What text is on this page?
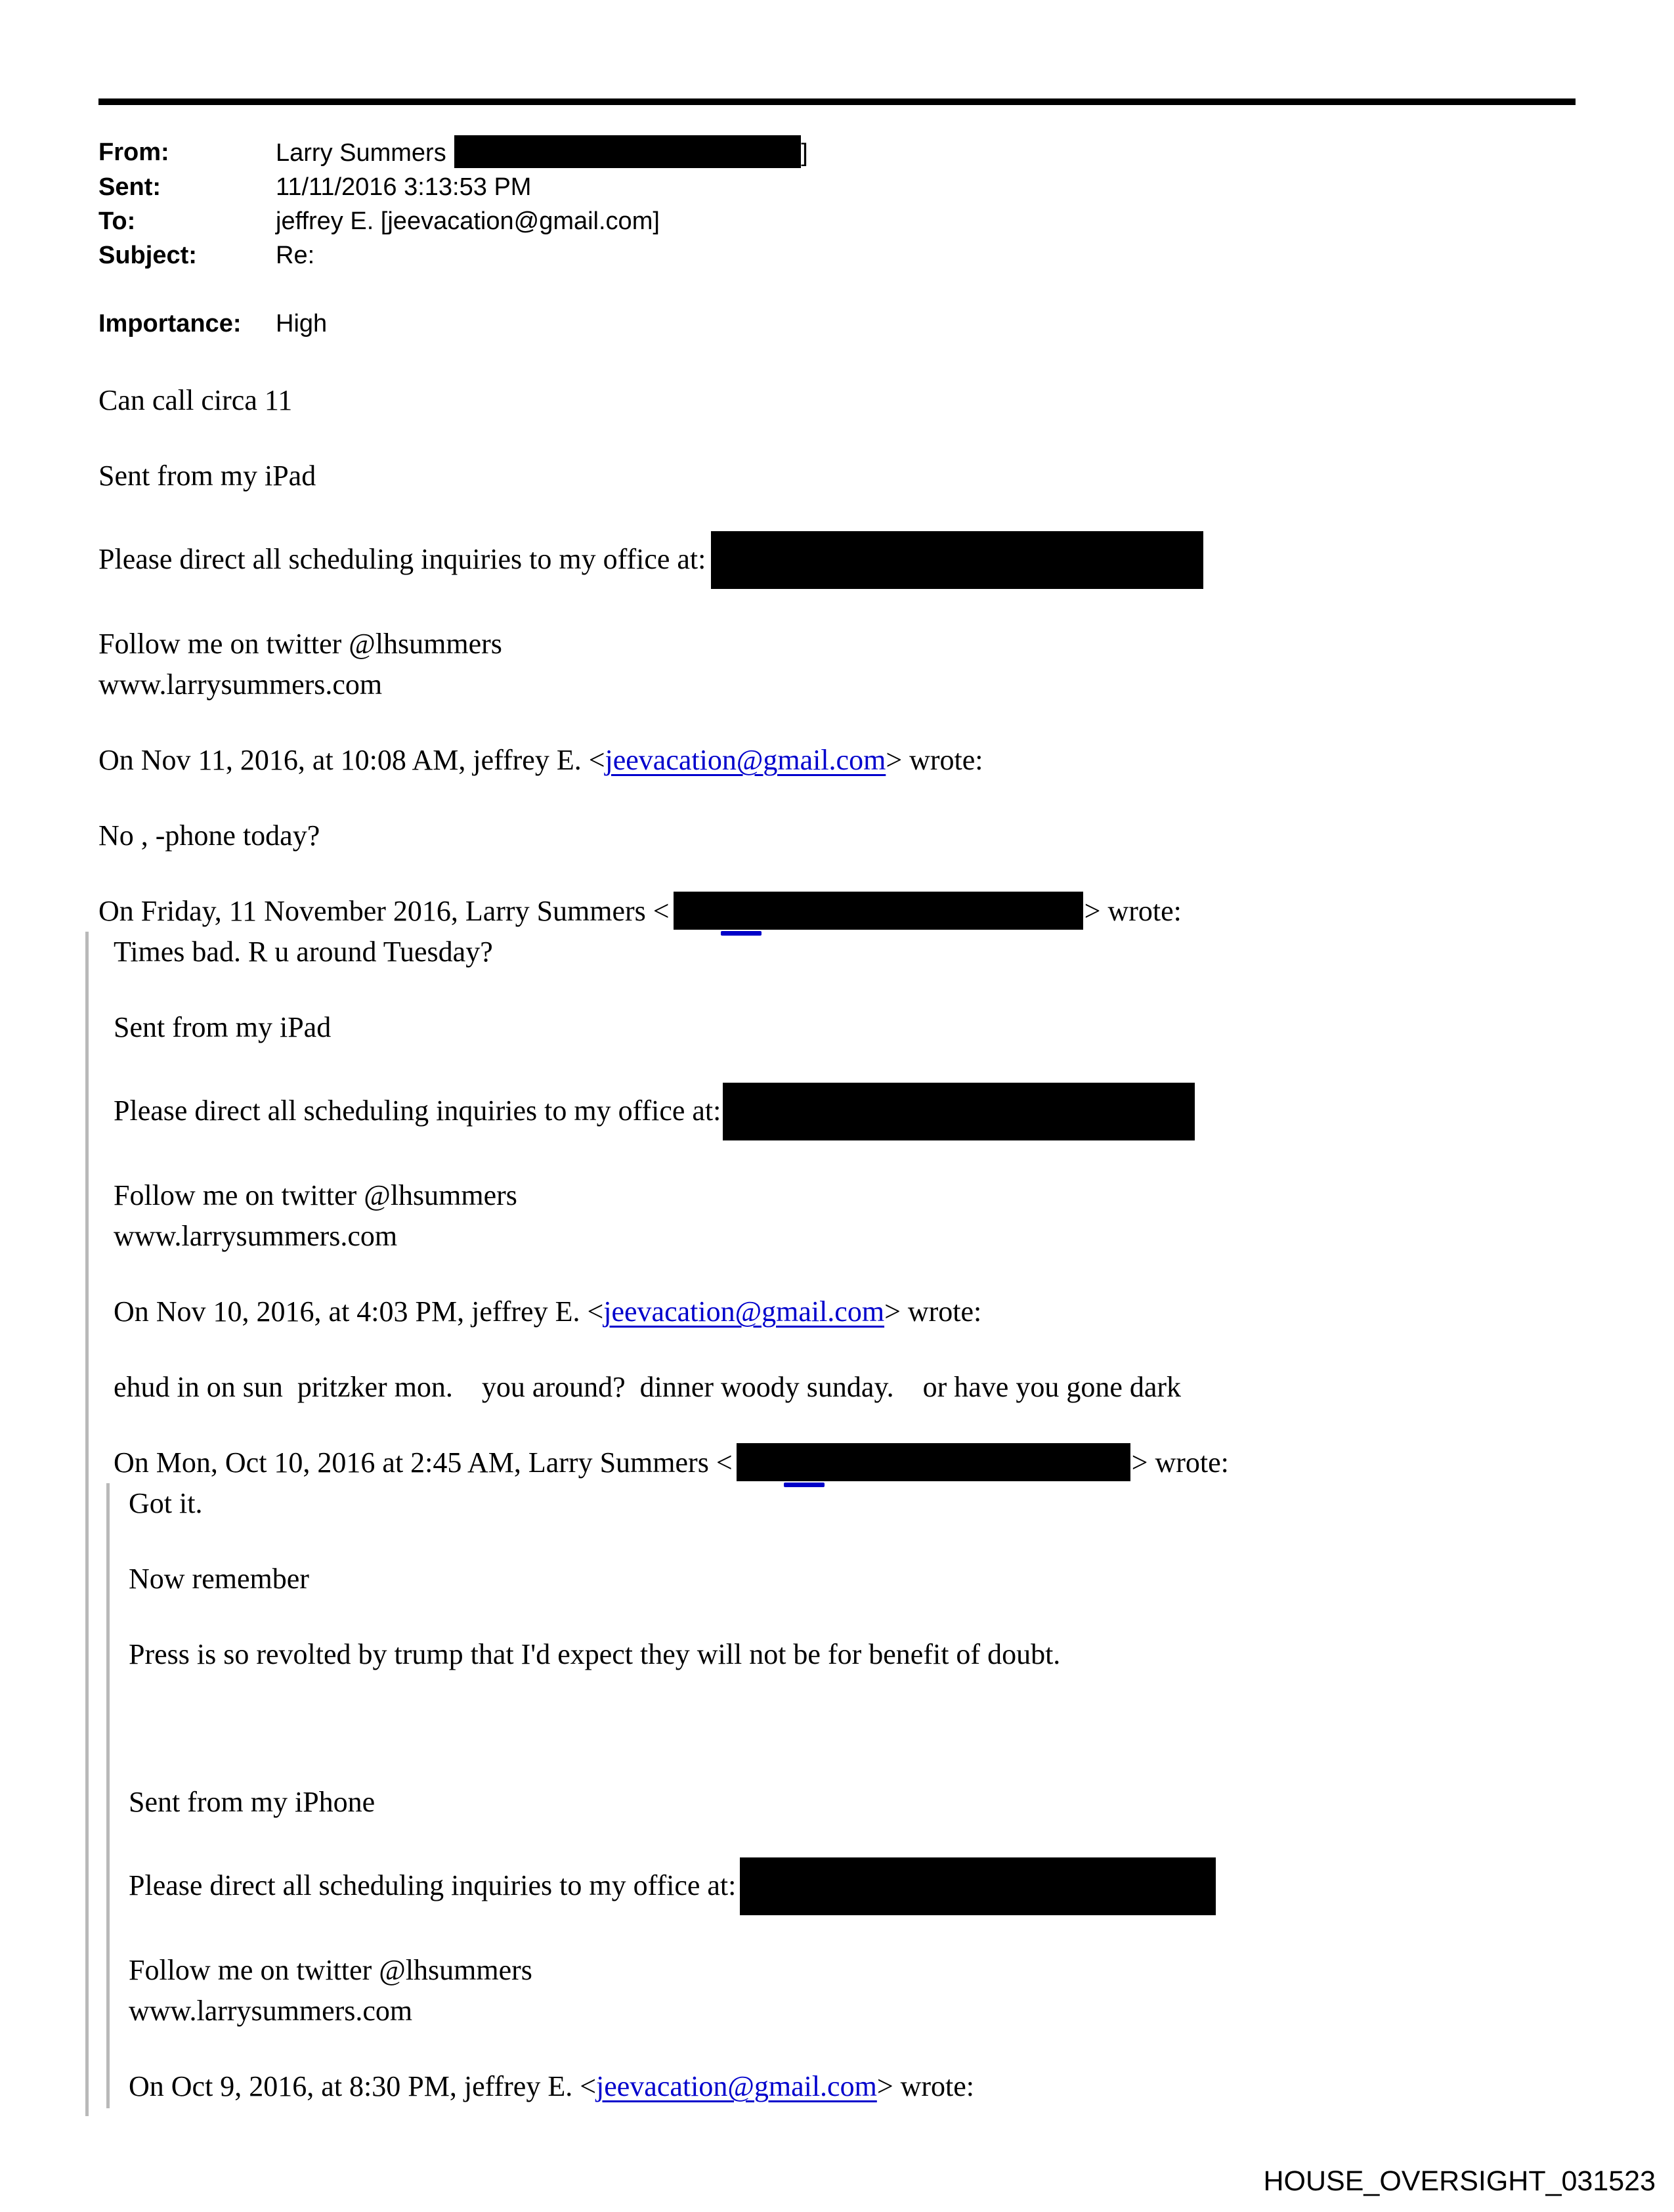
From:	Larry Summers	]
Sent:	11/11/2016 3:13:53 PM
To:	jeffrey E. [jeevacation@gmail.com]
Subject:	Re:
Importance:	High
Can call circa 11
Sent from my iPad
Please direct all scheduling inquiries to my office at:
Follow me on twitter @lhsummers
www.larrysummers.com
On Nov 11, 2016, at 10:08 AM, jeffrey E. <jeevacation@gmail.com> wrote:
No , -phone today?
On Friday, 11 November 2016, Larry Summers <	> wrote:
Times bad. R u around Tuesday?
Sent from my iPad
Please direct all scheduling inquiries to my office at:
Follow me on twitter @lhsummers
www.larrysummers.com
On Nov 10, 2016, at 4:03 PM, jeffrey E. <jeevacation@gmail.com> wrote:
ehud in on sun  pritzker mon.    you around?  dinner woody sunday.    or have you gone dark
On Mon, Oct 10, 2016 at 2:45 AM, Larry Summers <	> wrote:
Got it.
Now remember
Press is so revolted by trump that I'd expect they will not be for benefit of doubt.
Sent from my iPhone
Please direct all scheduling inquiries to my office at:
Follow me on twitter @lhsummers
www.larrysummers.com
On Oct 9, 2016, at 8:30 PM, jeffrey E. <jeevacation@gmail.com> wrote:
HOUSE_OVERSIGHT_031523
